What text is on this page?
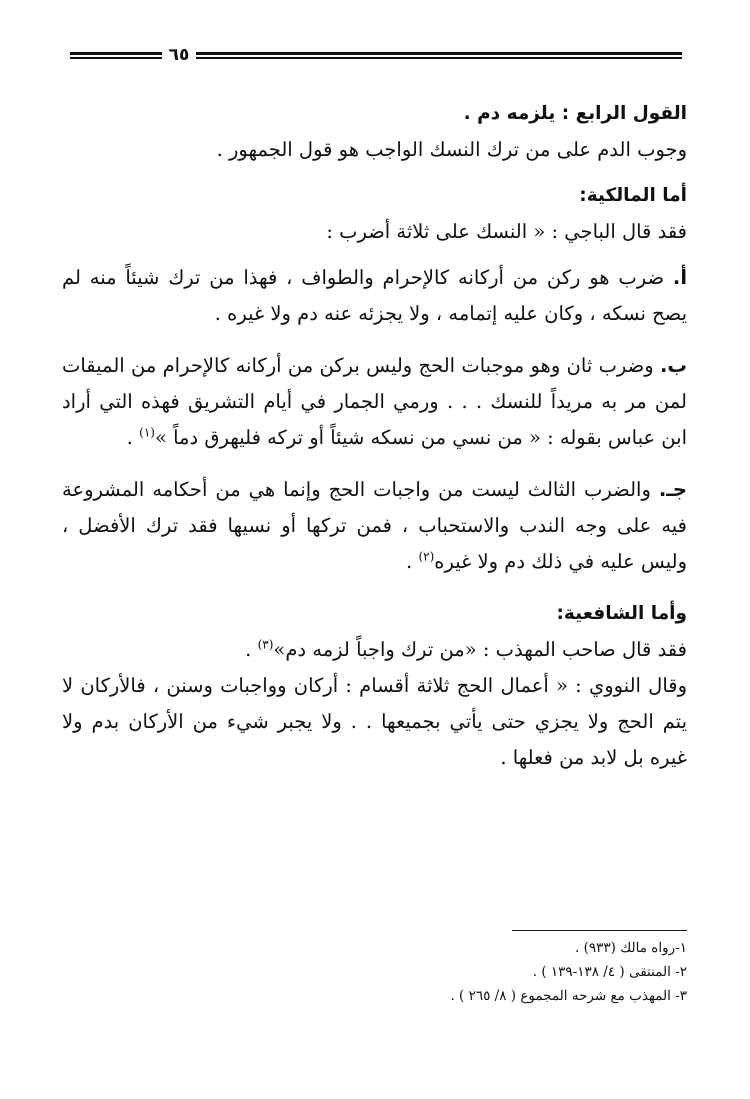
٦٥

القول الرابع : يلزمه دم .

وجوب الدم على من ترك النسك الواجب هو قول الجمهور .

أما المالكية:

فقد قال الباجي : « النسك على ثلاثة أضرب :

أ. ضرب هو ركن من أركانه كالإحرام والطواف ، فهذا من ترك شيئاً منه لم يصح نسكه ، وكان عليه إتمامه ، ولا يجزئه عنه دم ولا غيره .

ب. وضرب ثان وهو موجبات الحج وليس بركن من أركانه كالإحرام من الميقات لمن مر به مريداً للنسك . . . ورمي الجمار في أيام التشريق فهذه التي أراد ابن عباس بقوله : « من نسي من نسكه شيئاً أو تركه فليهرق دماً »$^{(١)}$ .

جـ. والضرب الثالث ليست من واجبات الحج وإنما هي من أحكامه المشروعة فيه على وجه الندب والاستحباب ، فمن تركها أو نسيها فقد ترك الأفضل ، وليس عليه في ذلك دم ولا غيره$^{(٢)}$ .

وأما الشافعية:

فقد قال صاحب المهذب : «من ترك واجباً لزمه دم»$^{(٣)}$ .

وقال النووي : « أعمال الحج ثلاثة أقسام : أركان وواجبات وسنن ، فالأركان لا يتم الحج ولا يجزي حتى يأتي بجميعها . . ولا يجبر شيء من الأركان بدم ولا غيره بل لابد من فعلها .

١-رواه مالك (٩٣٣) .

٢- المنتقى ( ٤/ ١٣٨-١٣٩ ) .

٣- المهذب مع شرحه المجموع ( ٨/ ٢٦٥ ) .
